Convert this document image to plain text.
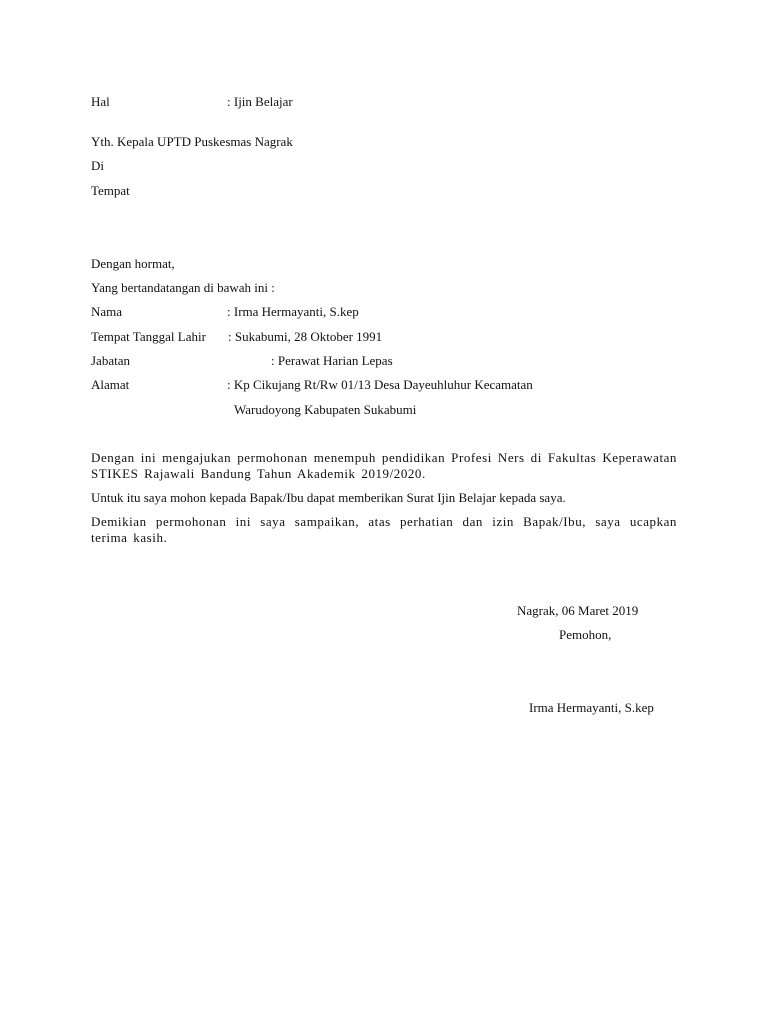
Hal	: Ijin Belajar
Yth. Kepala UPTD Puskesmas Nagrak
Di
Tempat
Dengan hormat,
Yang bertandatangan di bawah ini :
Nama	: Irma Hermayanti, S.kep
Tempat Tanggal Lahir : Sukabumi, 28 Oktober 1991
Jabatan	: Perawat Harian Lepas
Alamat	: Kp Cikujang Rt/Rw 01/13 Desa Dayeuhluhur Kecamatan
Warudoyong Kabupaten Sukabumi

Dengan ini mengajukan permohonan menempuh pendidikan Profesi Ners di Fakultas Keperawatan STIKES Rajawali Bandung Tahun Akademik 2019/2020.

Untuk itu saya mohon kepada Bapak/Ibu dapat memberikan Surat Ijin Belajar kepada saya.

Demikian permohonan ini saya sampaikan, atas perhatian dan izin Bapak/Ibu, saya ucapkan terima kasih.

Nagrak, 06 Maret 2019
Pemohon,
Irma Hermayanti, S.kep
